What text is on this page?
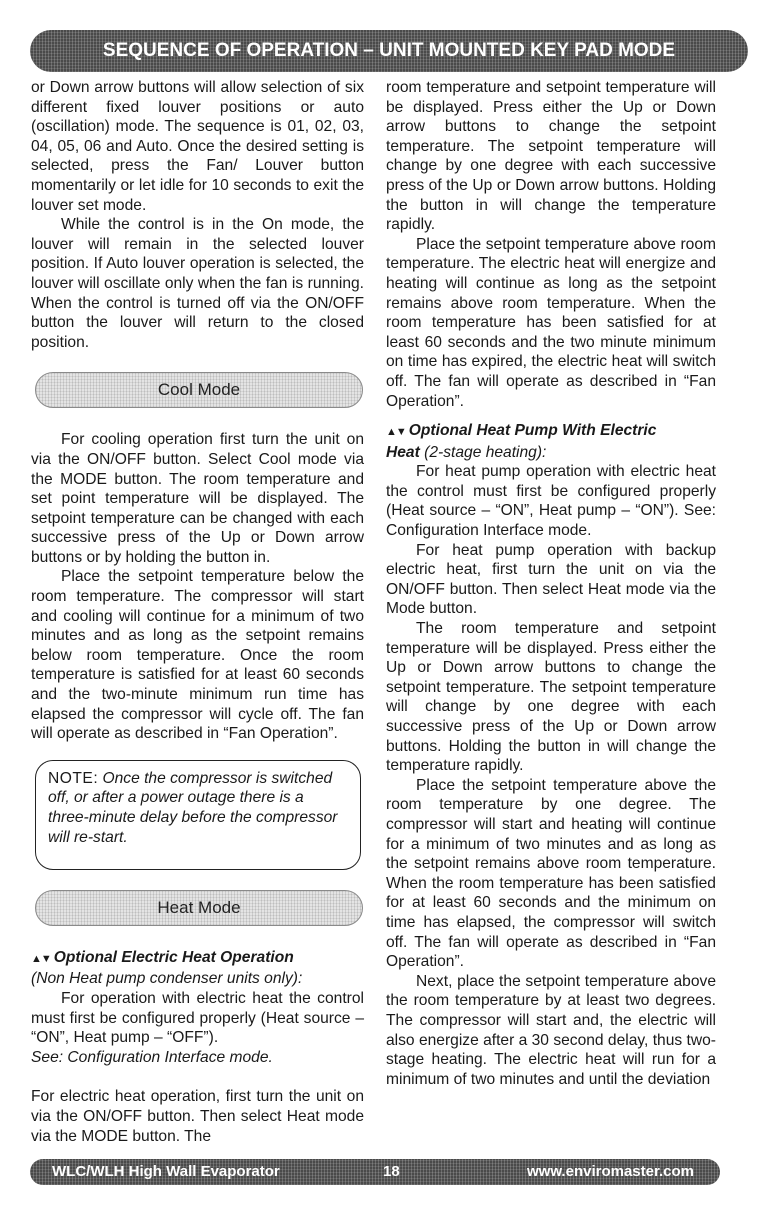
SEQUENCE OF OPERATION – UNIT MOUNTED KEY PAD MODE

or Down arrow buttons will allow selection of six different fixed louver positions or auto (oscillation) mode. The sequence is 01, 02, 03, 04, 05, 06 and Auto. Once the desired setting is selected, press the Fan/ Louver button momentarily or let idle for 10 seconds to exit the louver set mode.

While the control is in the On mode, the louver will remain in the selected louver position. If Auto louver operation is selected, the louver will oscillate only when the fan is running. When the control is turned off via the ON/OFF button the louver will return to the closed position.

Cool Mode

For cooling operation first turn the unit on via the ON/OFF button. Select Cool mode via the MODE button. The room temperature and set point temperature will be displayed. The setpoint temperature can be changed with each successive press of the Up or Down arrow buttons or by holding the button in.

Place the setpoint temperature below the room temperature. The compressor will start and cooling will continue for a minimum of two minutes and as long as the setpoint remains below room temperature. Once the room temperature is satisfied for at least 60 seconds and the two-minute minimum run time has elapsed the compressor will cycle off. The fan will operate as described in “Fan Operation”.

NOTE: Once the compressor is switched off, or after a power outage there is a three-minute delay before the compressor will re-start.
Heat Mode

▲▼ Optional Electric Heat Operation

(Non Heat pump condenser units only):

For operation with electric heat the control must first be configured properly (Heat source – “ON”, Heat pump – “OFF”).

See: Configuration Interface mode.

For electric heat operation, first turn the unit on via the ON/OFF button. Then select Heat mode via the MODE button. The

room temperature and setpoint temperature will be displayed. Press either the Up or Down arrow buttons to change the setpoint temperature. The setpoint temperature will change by one degree with each successive press of the Up or Down arrow buttons. Holding the button in will change the temperature rapidly.

Place the setpoint temperature above room temperature. The electric heat will energize and heating will continue as long as the setpoint remains above room temperature. When the room temperature has been satisfied for at least 60 seconds and the two minute minimum on time has expired, the electric heat will switch off. The fan will operate as described in “Fan Operation”.

▲▼ Optional Heat Pump With Electric

Heat (2-stage heating):

For heat pump operation with electric heat the control must first be configured properly (Heat source – “ON”, Heat pump – “ON”). See: Configuration Interface mode.

For heat pump operation with backup electric heat, first turn the unit on via the ON/OFF button. Then select Heat mode via the Mode button.

The room temperature and setpoint temperature will be displayed. Press either the Up or Down arrow buttons to change the setpoint temperature. The setpoint temperature will change by one degree with each successive press of the Up or Down arrow buttons. Holding the button in will change the temperature rapidly.

Place the setpoint temperature above the room temperature by one degree. The compressor will start and heating will continue for a minimum of two minutes and as long as the setpoint remains above room temperature. When the room temperature has been satisfied for at least 60 seconds and the minimum on time has elapsed, the compressor will switch off. The fan will operate as described in “Fan Operation”.

Next, place the setpoint temperature above the room temperature by at least two degrees. The compressor will start and, the electric will also energize after a 30 second delay, thus two-stage heating. The electric heat will run for a minimum of two minutes and until the deviation

WLC/WLH High Wall Evaporator	18	www.enviromaster.com
